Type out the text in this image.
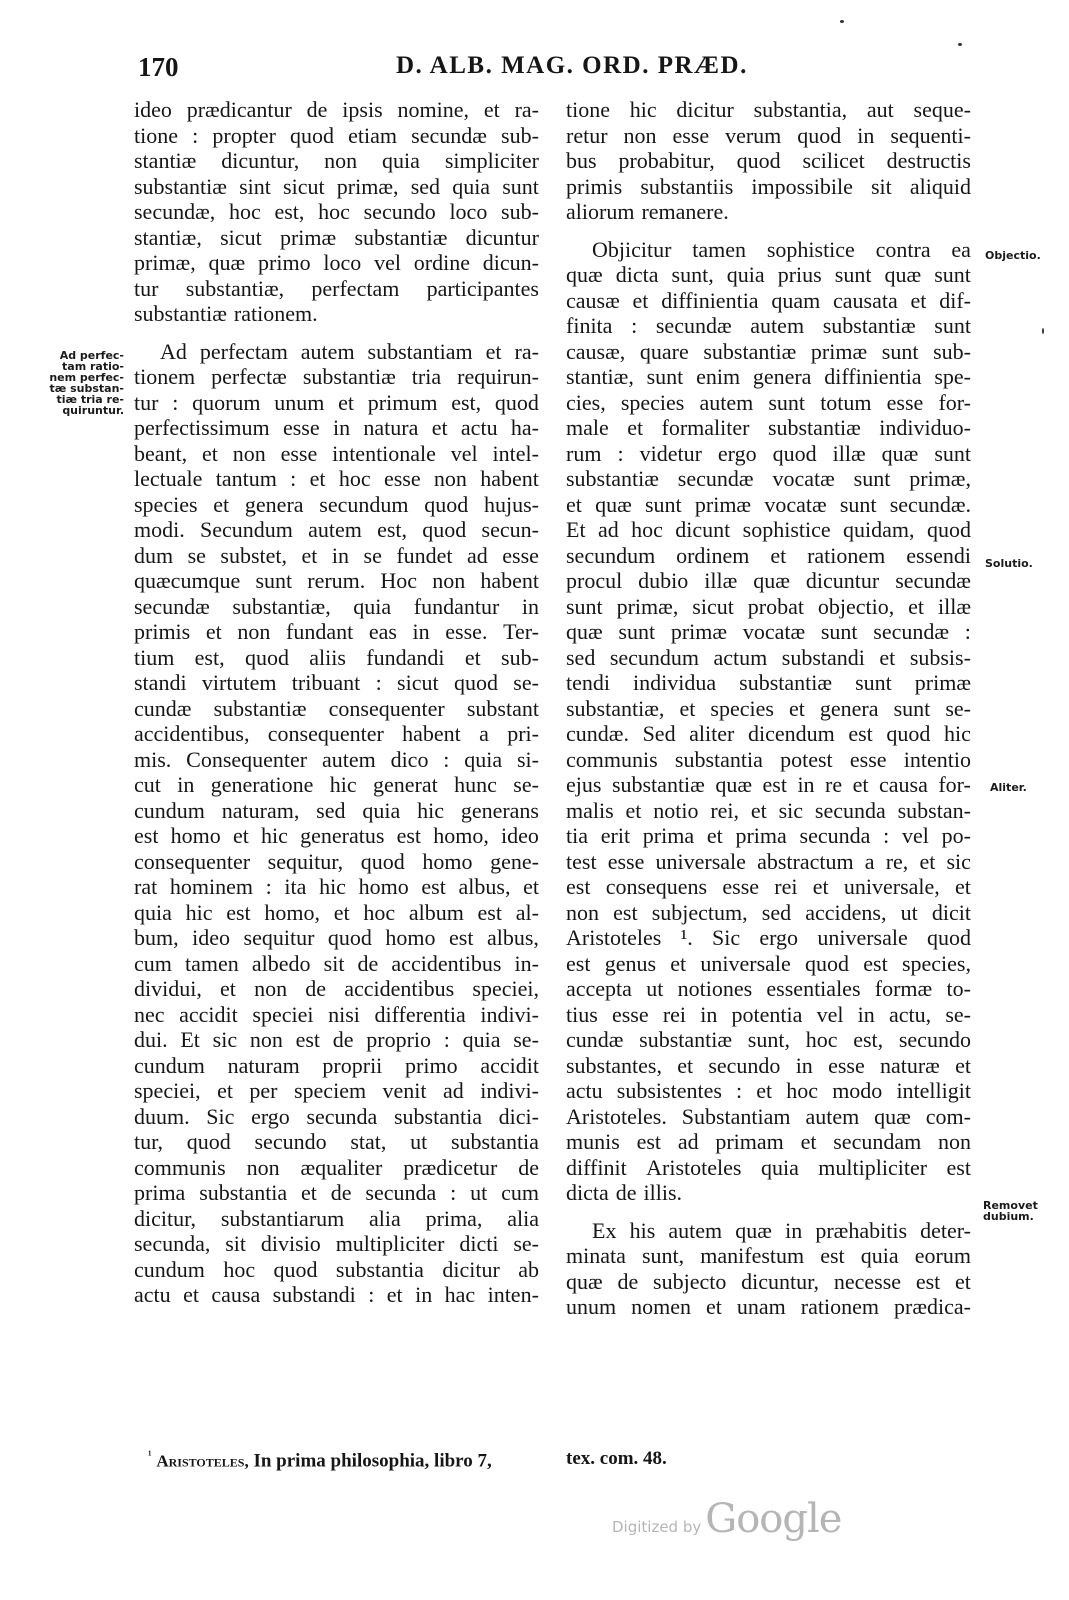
170	D. ALB. MAG. ORD. PRÆD.
Ad perfec-
tam ratio-
nem perfec-
tæ substan-
tiæ tria re-
quiruntur.
Objectio.
Solutio.
Aliter.
Removet
dubium.
ideo prædicantur de ipsis nomine, et ra-
tione : propter quod etiam secundæ sub-
stantiæ dicuntur, non quia simpliciter
substantiæ sint sicut primæ, sed quia sunt
secundæ, hoc est, hoc secundo loco sub-
stantiæ, sicut primæ substantiæ dicuntur
primæ, quæ primo loco vel ordine dicun-
tur substantiæ, perfectam participantes
substantiæ rationem.
Ad perfectam autem substantiam et ra-
tionem perfectæ substantiæ tria requirun-
tur : quorum unum et primum est, quod
perfectissimum esse in natura et actu ha-
beant, et non esse intentionale vel intel-
lectuale tantum : et hoc esse non habent
species et genera secundum quod hujus-
modi. Secundum autem est, quod secun-
dum se substet, et in se fundet ad esse
quæcumque sunt rerum. Hoc non habent
secundæ substantiæ, quia fundantur in
primis et non fundant eas in esse. Ter-
tium est, quod aliis fundandi et sub-
standi virtutem tribuant : sicut quod se-
cundæ substantiæ consequenter substant
accidentibus, consequenter habent a pri-
mis. Consequenter autem dico : quia si-
cut in generatione hic generat hunc se-
cundum naturam, sed quia hic generans
est homo et hic generatus est homo, ideo
consequenter sequitur, quod homo gene-
rat hominem : ita hic homo est albus, et
quia hic est homo, et hoc album est al-
bum, ideo sequitur quod homo est albus,
cum tamen albedo sit de accidentibus in-
dividui, et non de accidentibus speciei,
nec accidit speciei nisi differentia indivi-
dui. Et sic non est de proprio : quia se-
cundum naturam proprii primo accidit
speciei, et per speciem venit ad indivi-
duum. Sic ergo secunda substantia dici-
tur, quod secundo stat, ut substantia
communis non æqualiter prædicetur de
prima substantia et de secunda : ut cum
dicitur, substantiarum alia prima, alia
secunda, sit divisio multipliciter dicti se-
cundum hoc quod substantia dicitur ab
actu et causa substandi : et in hac inten-
tione hic dicitur substantia, aut seque-
retur non esse verum quod in sequenti-
bus probabitur, quod scilicet destructis
primis substantiis impossibile sit aliquid
aliorum remanere.
Objicitur tamen sophistice contra ea
quæ dicta sunt, quia prius sunt quæ sunt
causæ et diffinientia quam causata et dif-
finita : secundæ autem substantiæ sunt
causæ, quare substantiæ primæ sunt sub-
stantiæ, sunt enim genera diffinientia spe-
cies, species autem sunt totum esse for-
male et formaliter substantiæ individuo-
rum : videtur ergo quod illæ quæ sunt
substantiæ secundæ vocatæ sunt primæ,
et quæ sunt primæ vocatæ sunt secundæ.
Et ad hoc dicunt sophistice quidam, quod
secundum ordinem et rationem essendi
procul dubio illæ quæ dicuntur secundæ
sunt primæ, sicut probat objectio, et illæ
quæ sunt primæ vocatæ sunt secundæ :
sed secundum actum substandi et subsis-
tendi individua substantiæ sunt primæ
substantiæ, et species et genera sunt se-
cundæ. Sed aliter dicendum est quod hic
communis substantia potest esse intentio
ejus substantiæ quæ est in re et causa for-
malis et notio rei, et sic secunda substan-
tia erit prima et prima secunda : vel po-
test esse universale abstractum a re, et sic
est consequens esse rei et universale, et
non est subjectum, sed accidens, ut dicit
Aristoteles ¹. Sic ergo universale quod
est genus et universale quod est species,
accepta ut notiones essentiales formæ to-
tius esse rei in potentia vel in actu, se-
cundæ substantiæ sunt, hoc est, secundo
substantes, et secundo in esse naturæ et
actu subsistentes : et hoc modo intelligit
Aristoteles. Substantiam autem quæ com-
munis est ad primam et secundam non
diffinit Aristoteles quia multipliciter est
dicta de illis.
Ex his autem quæ in præhabitis deter-
minata sunt, manifestum est quia eorum
quæ de subjecto dicuntur, necesse est et
unum nomen et unam rationem prædica-
$^{^1}$ Aristoteles, In prima philosophia, libro 7,	tex. com. 48.
Digitized by Google
